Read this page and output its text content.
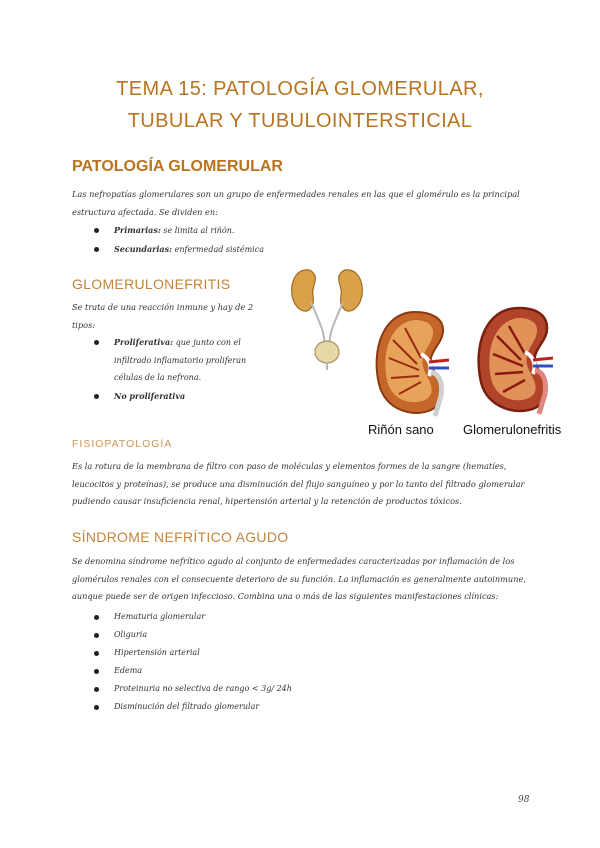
TEMA 15: PATOLOGÍA GLOMERULAR,
TUBULAR Y TUBULOINTERSTICIAL
PATOLOGÍA GLOMERULAR
Las nefropatías glomerulares son un grupo de enfermedades renales en las que el glomérulo es la principal
estructura afectada. Se dividen en:
Primarias: se limita al riñón.
Secundarias: enfermedad sistémica
GLOMERULONEFRITIS
Se trata de una reacción inmune y hay de 2
tipos:
Proliferativa: que junto con el infiltrado inflamatorio proliferan células de la nefrona.
No proliferativa
Riñón sano Glomerulonefritis
FISIOPATOLOGÍA
Es la rotura de la membrana de filtro con paso de moléculas y elementos formes de la sangre (hematíes,
leucocitos y proteínas), se produce una disminución del flujo sanguíneo y por lo tanto del filtrado glomerular
pudiendo causar insuficiencia renal, hipertensión arterial y la retención de productos tóxicos.
SÍNDROME NEFRÍTICO AGUDO
Se denomina síndrome nefrítico agudo al conjunto de enfermedades caracterizadas por inflamación de los
glomérulos renales con el consecuente deterioro de su función. La inflamación es generalmente autoinmune,
aunque puede ser de origen infeccioso. Combina una o más de las siguientes manifestaciones clínicas:
Hematuria glomerular
Oliguria
Hipertensión arterial
Edema
Proteinuria no selectiva de rango < 3g/ 24h
Disminución del filtrado glomerular
98
